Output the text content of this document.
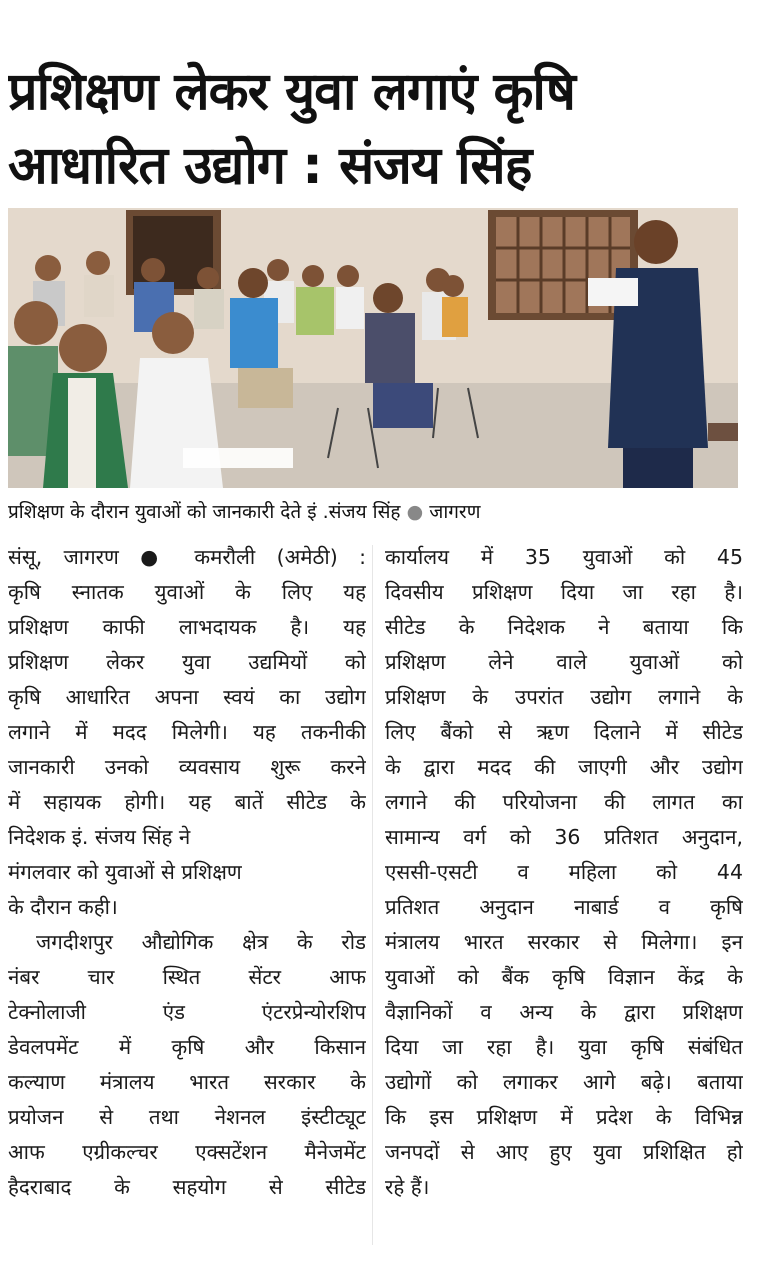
प्रशिक्षण लेकर युवा लगाएं कृषि
आधारित उद्योग : संजय सिंह
प्रशिक्षण के दौरान युवाओं को जानकारी देते इं .संजय सिंह ● जागरण
संसू, जागरण ● कमरौली (अमेठी) :
कृषि स्नातक युवाओं के लिए यह
प्रशिक्षण काफी लाभदायक है। यह
प्रशिक्षण लेकर युवा उद्यमियों को
कृषि आधारित अपना स्वयं का उद्योग
लगाने में मदद मिलेगी। यह तकनीकी
जानकारी उनको व्यवसाय शुरू करने
में सहायक होगी। यह बातें सीटेड के
निदेशक इं. संजय सिंह ने
मंगलवार को युवाओं से प्रशिक्षण
के दौरान कही।
जगदीशपुर औद्योगिक क्षेत्र के रोड
नंबर चार स्थित सेंटर आफ
टेक्नोलाजी एंड एंटरप्रेन्योरशिप
डेवलपमेंट में कृषि और किसान
कल्याण मंत्रालय भारत सरकार के
प्रयोजन से तथा नेशनल इंस्टीट्यूट
आफ एग्रीकल्चर एक्सटेंशन मैनेजमेंट
हैदराबाद के सहयोग से सीटेड
कार्यालय में 35 युवाओं को 45
दिवसीय प्रशिक्षण दिया जा रहा है।
सीटेड के निदेशक ने बताया कि
प्रशिक्षण लेने वाले युवाओं को
प्रशिक्षण के उपरांत उद्योग लगाने के
लिए बैंको से ऋण दिलाने में सीटेड
के द्वारा मदद की जाएगी और उद्योग
लगाने की परियोजना की लागत का
सामान्य वर्ग को 36 प्रतिशत अनुदान,
एससी-एसटी व महिला को 44
प्रतिशत अनुदान नाबार्ड व कृषि
मंत्रालय भारत सरकार से मिलेगा। इन
युवाओं को बैंक कृषि विज्ञान केंद्र के
वैज्ञानिकों व अन्य के द्वारा प्रशिक्षण
दिया जा रहा है। युवा कृषि संबंधित
उद्योगों को लगाकर आगे बढ़े। बताया
कि इस प्रशिक्षण में प्रदेश के विभिन्न
जनपदों से आए हुए युवा प्रशिक्षित हो
रहे हैं।
